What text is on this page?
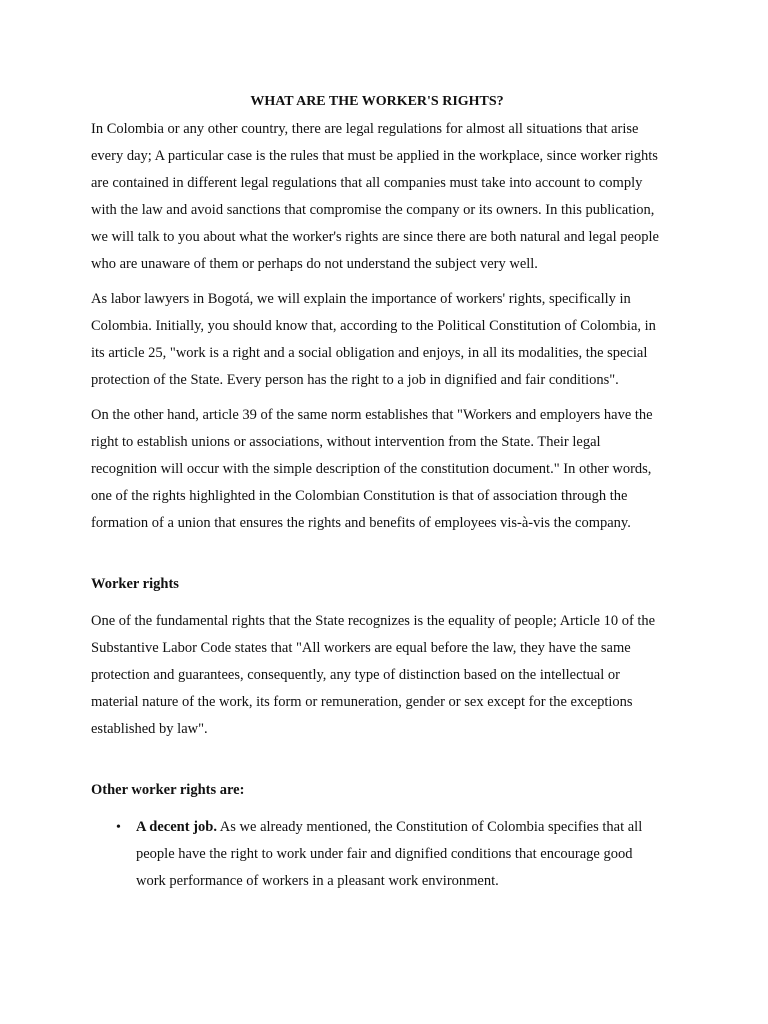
WHAT ARE THE WORKER'S RIGHTS?

In Colombia or any other country, there are legal regulations for almost all situations that arise every day; A particular case is the rules that must be applied in the workplace, since worker rights are contained in different legal regulations that all companies must take into account to comply with the law and avoid sanctions that compromise the company or its owners. In this publication, we will talk to you about what the worker's rights are since there are both natural and legal people who are unaware of them or perhaps do not understand the subject very well.

As labor lawyers in Bogotá, we will explain the importance of workers' rights, specifically in Colombia. Initially, you should know that, according to the Political Constitution of Colombia, in its article 25, "work is a right and a social obligation and enjoys, in all its modalities, the special protection of the State. Every person has the right to a job in dignified and fair conditions".

On the other hand, article 39 of the same norm establishes that "Workers and employers have the right to establish unions or associations, without intervention from the State. Their legal recognition will occur with the simple description of the constitution document." In other words, one of the rights highlighted in the Colombian Constitution is that of association through the formation of a union that ensures the rights and benefits of employees vis-à-vis the company.

Worker rights

One of the fundamental rights that the State recognizes is the equality of people; Article 10 of the Substantive Labor Code states that "All workers are equal before the law, they have the same protection and guarantees, consequently, any type of distinction based on the intellectual or material nature of the work, its form or remuneration, gender or sex except for the exceptions established by law".

Other worker rights are:
• A decent job. As we already mentioned, the Constitution of Colombia specifies that all people have the right to work under fair and dignified conditions that encourage good work performance of workers in a pleasant work environment.
